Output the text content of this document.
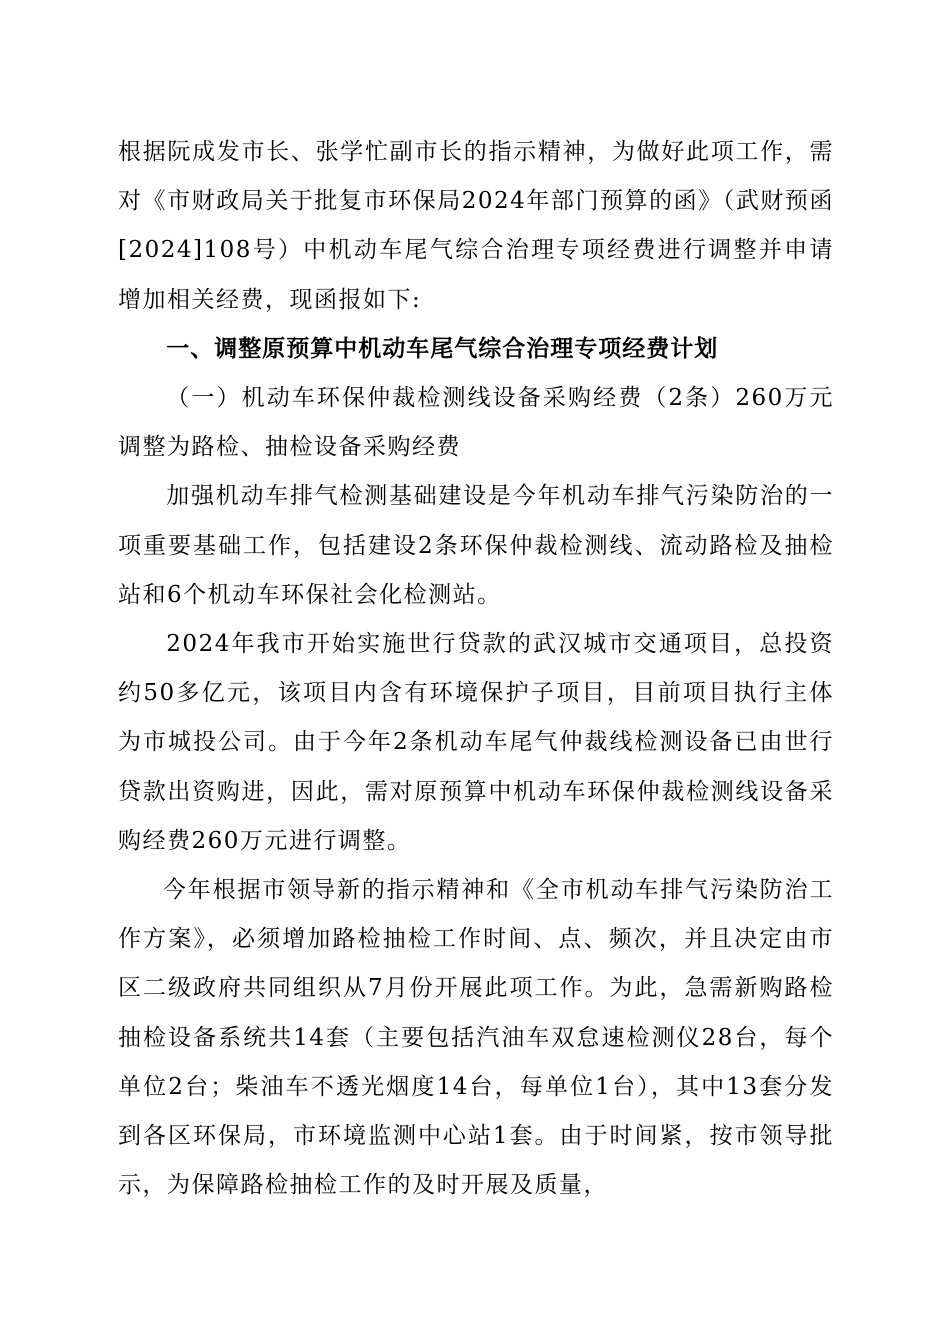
根据阮成发市长、张学忙副市长的指示精神，为做好此项工作，需对《市财政局关于批复市环保局2024年部门预算的函》（武财预函[2024]108号）中机动车尾气综合治理专项经费进行调整并申请增加相关经费，现函报如下:

一、调整原预算中机动车尾气综合治理专项经费计划

（一）机动车环保仲裁检测线设备采购经费（2条）260万元调整为路检、抽检设备采购经费

加强机动车排气检测基础建设是今年机动车排气污染防治的一项重要基础工作，包括建设2条环保仲裁检测线、流动路检及抽检站和6个机动车环保社会化检测站。

2024年我市开始实施世行贷款的武汉城市交通项目，总投资约50多亿元，该项目内含有环境保护子项目，目前项目执行主体为市城投公司。由于今年2条机动车尾气仲裁线检测设备已由世行贷款出资购进，因此，需对原预算中机动车环保仲裁检测线设备采购经费260万元进行调整。

今年根据市领导新的指示精神和《全市机动车排气污染防治工作方案》，必须增加路检抽检工作时间、点、频次，并且决定由市区二级政府共同组织从7月份开展此项工作。为此，急需新购路检抽检设备系统共14套（主要包括汽油车双怠速检测仪28台，每个单位2台；柴油车不透光烟度14台，每单位1台），其中13套分发到各区环保局，市环境监测中心站1套。由于时间紧，按市领导批示，为保障路检抽检工作的及时开展及质量，
